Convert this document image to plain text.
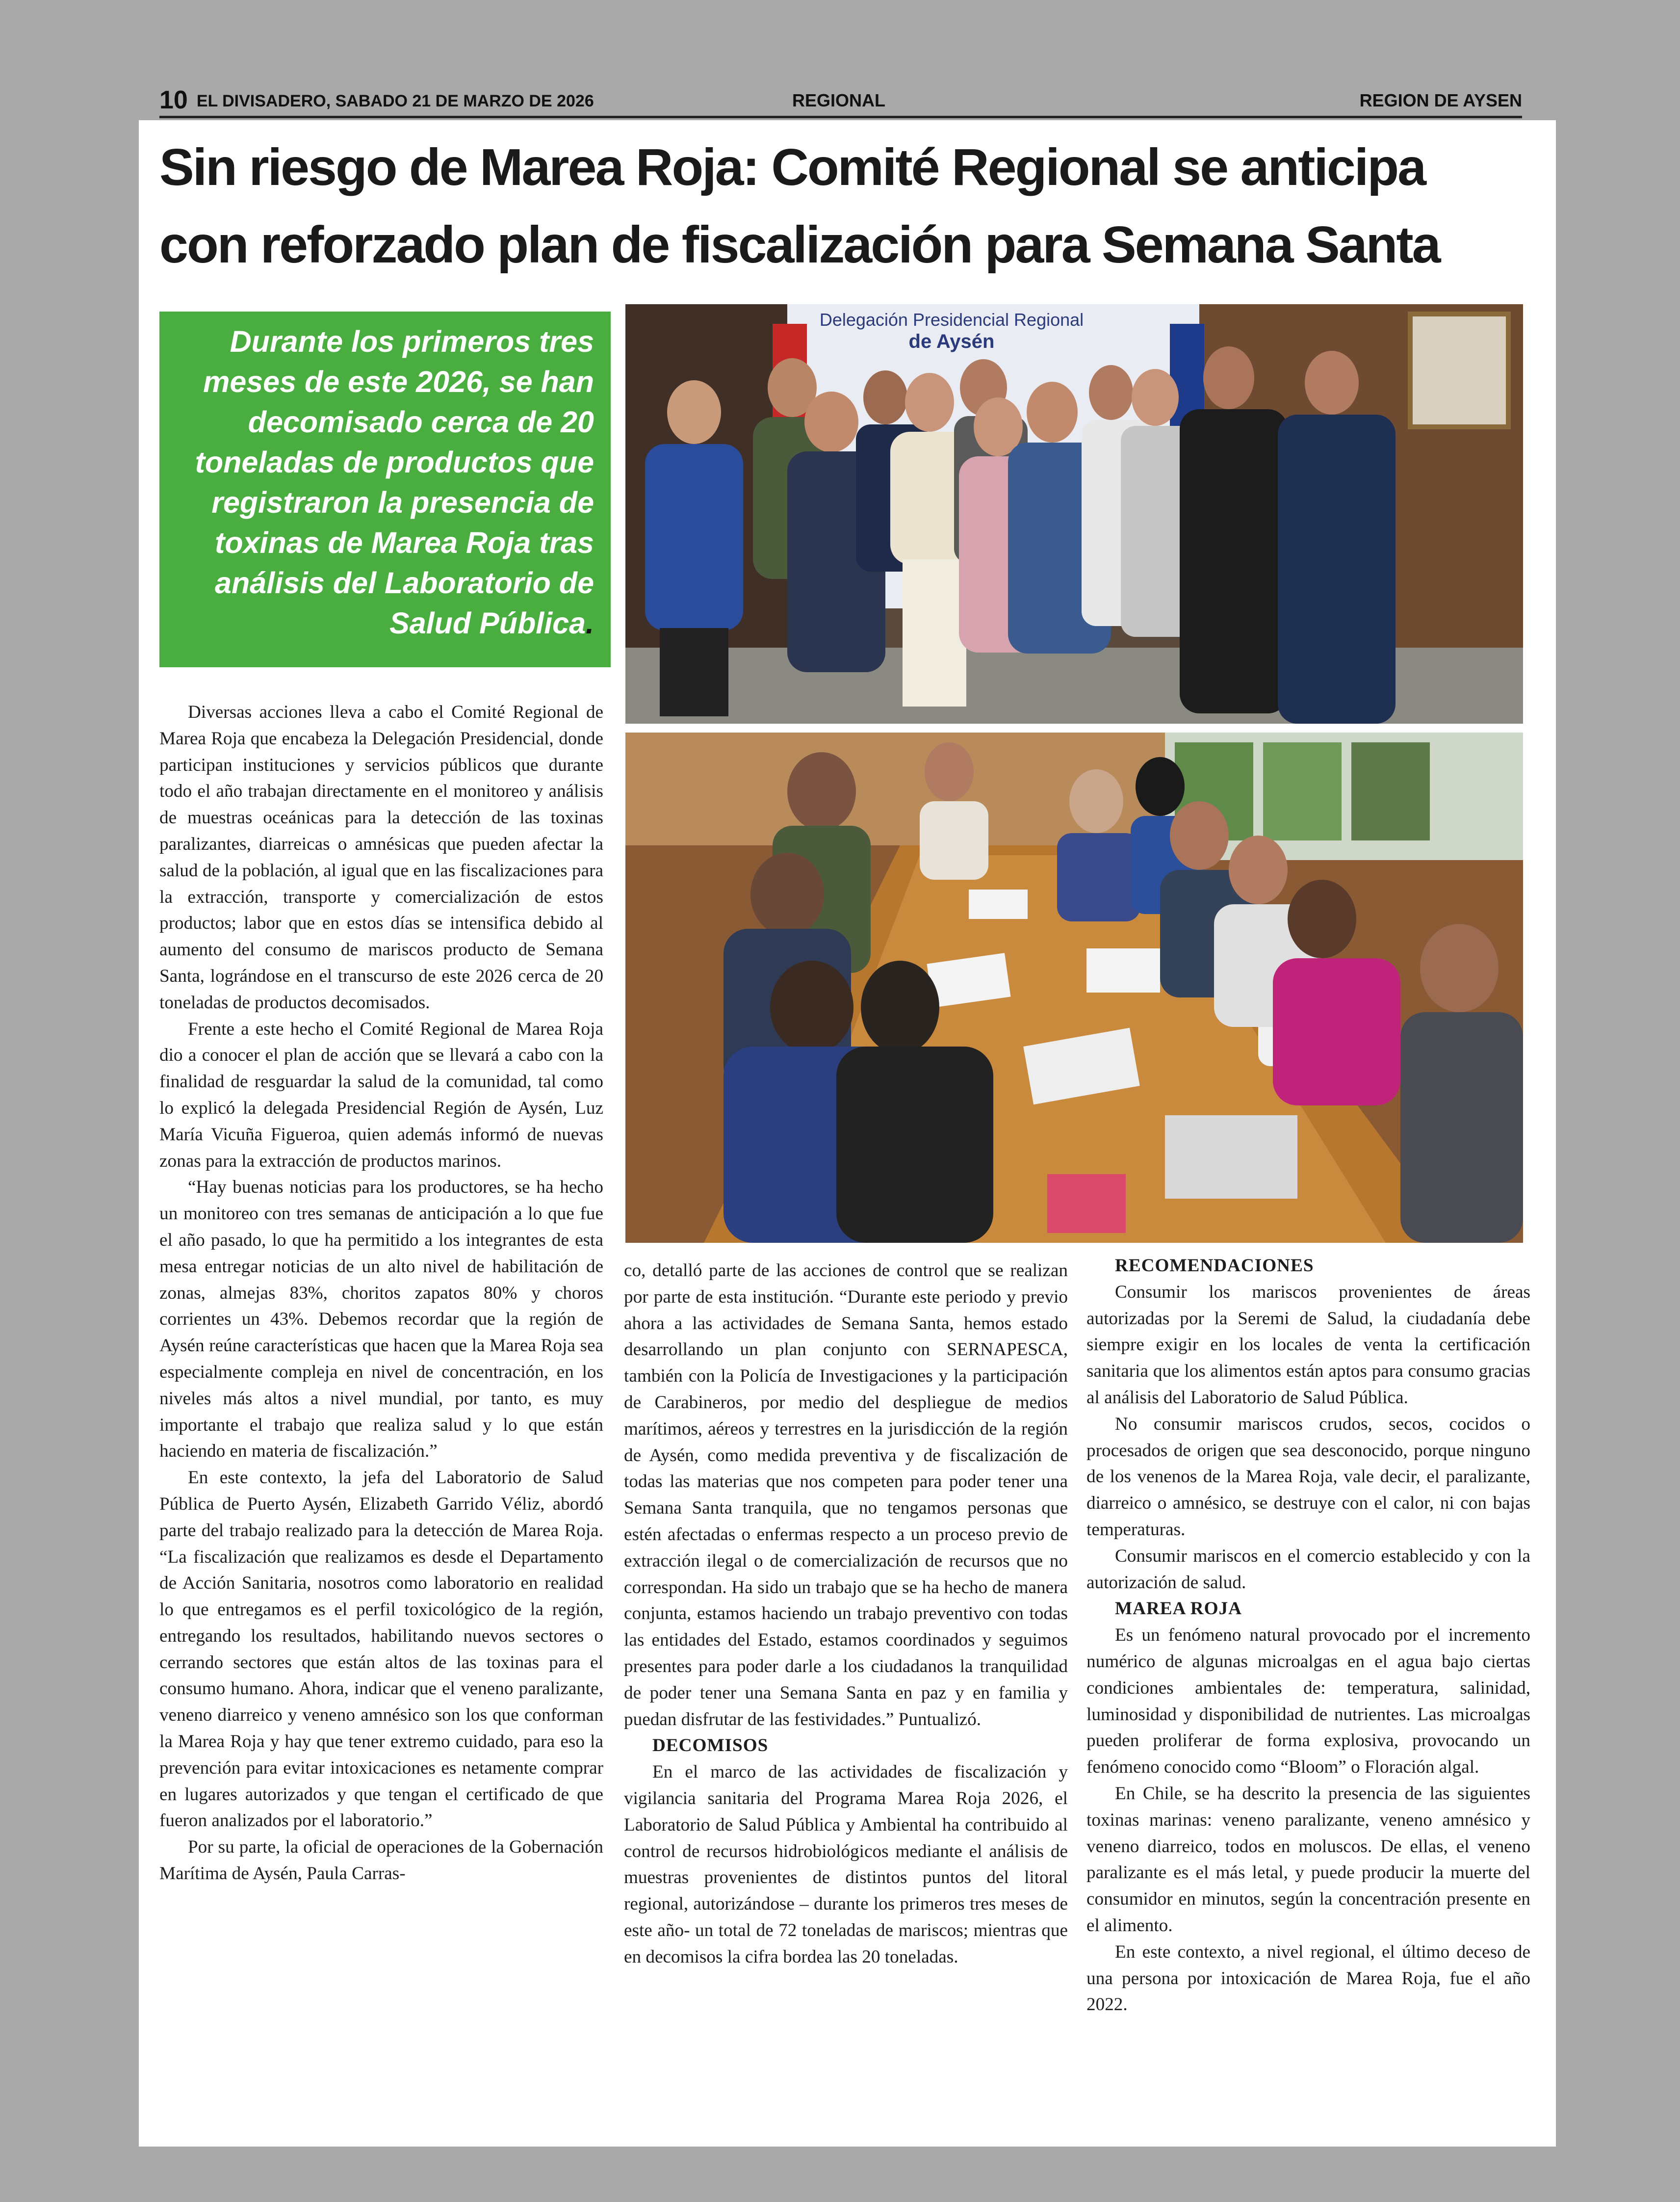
10 EL DIVISADERO, SABADO 21 DE MARZO DE 2026	REGIONAL	REGION DE AYSEN
Sin riesgo de Marea Roja: Comité Regional se anticipa
con reforzado plan de fiscalización para Semana Santa
Durante los primeros tres meses de este 2026, se han decomisado cerca de 20 toneladas de productos que registraron la presencia de toxinas de Marea Roja tras análisis del Laboratorio de Salud Pública.
Delegación Presidencial Regional
de Aysén

Diversas acciones lleva a cabo el Comité Regional de Marea Roja que encabeza la Delegación Presidencial, donde participan instituciones y servicios públicos que durante todo el año trabajan directamente en el monitoreo y análisis de muestras oceánicas para la detección de las toxinas paralizantes, diarreicas o amnésicas que pueden afectar la salud de la población, al igual que en las fiscalizaciones para la extracción, transporte y comercialización de estos productos; labor que en estos días se intensifica debido al aumento del consumo de mariscos producto de Semana Santa, lográndose en el transcurso de este 2026 cerca de 20 toneladas de productos decomisados.

Frente a este hecho el Comité Regional de Marea Roja dio a conocer el plan de acción que se llevará a cabo con la finalidad de resguardar la salud de la comunidad, tal como lo explicó la delegada Presidencial Región de Aysén, Luz María Vicuña Figueroa, quien además informó de nuevas zonas para la extracción de productos marinos.

“Hay buenas noticias para los productores, se ha hecho un monitoreo con tres semanas de anticipación a lo que fue el año pasado, lo que ha permitido a los integrantes de esta mesa entregar noticias de un alto nivel de habilitación de zonas, almejas 83%, choritos zapatos 80% y choros corrientes un 43%. Debemos recordar que la región de Aysén reúne características que hacen que la Marea Roja sea especialmente compleja en nivel de concentración, en los niveles más altos a nivel mundial, por tanto, es muy importante el trabajo que realiza salud y lo que están haciendo en materia de fiscalización.”

En este contexto, la jefa del Laboratorio de Salud Pública de Puerto Aysén, Elizabeth Garrido Véliz, abordó parte del trabajo realizado para la detección de Marea Roja. “La fiscalización que realizamos es desde el Departamento de Acción Sanitaria, nosotros como laboratorio en realidad lo que entregamos es el perfil toxicológico de la región, entregando los resultados, habilitando nuevos sectores o cerrando sectores que están altos de las toxinas para el consumo humano. Ahora, indicar que el veneno paralizante, veneno diarreico y veneno amnésico son los que conforman la Marea Roja y hay que tener extremo cuidado, para eso la prevención para evitar intoxicaciones es netamente comprar en lugares autorizados y que tengan el certificado de que fueron analizados por el laboratorio.”

Por su parte, la oficial de operaciones de la Gobernación Marítima de Aysén, Paula Carras-

co, detalló parte de las acciones de control que se realizan por parte de esta institución. “Durante este periodo y previo ahora a las actividades de Semana Santa, hemos estado desarrollando un plan conjunto con SERNAPESCA, también con la Policía de Investigaciones y la participación de Carabineros, por medio del despliegue de medios marítimos, aéreos y terrestres en la jurisdicción de la región de Aysén, como medida preventiva y de fiscalización de todas las materias que nos competen para poder tener una Semana Santa tranquila, que no tengamos personas que estén afectadas o enfermas respecto a un proceso previo de extracción ilegal o de comercialización de recursos que no correspondan. Ha sido un trabajo que se ha hecho de manera conjunta, estamos haciendo un trabajo preventivo con todas las entidades del Estado, estamos coordinados y seguimos presentes para poder darle a los ciudadanos la tranquilidad de poder tener una Semana Santa en paz y en familia y puedan disfrutar de las festividades.” Puntualizó.

DECOMISOS

En el marco de las actividades de fiscalización y vigilancia sanitaria del Programa Marea Roja 2026, el Laboratorio de Salud Pública y Ambiental ha contribuido al control de recursos hidrobiológicos mediante el análisis de muestras provenientes de distintos puntos del litoral regional, autorizándose – durante los primeros tres meses de este año- un total de 72 toneladas de mariscos; mientras que en decomisos la cifra bordea las 20 toneladas.

RECOMENDACIONES

Consumir los mariscos provenientes de áreas autorizadas por la Seremi de Salud, la ciudadanía debe siempre exigir en los locales de venta la certificación sanitaria que los alimentos están aptos para consumo gracias al análisis del Laboratorio de Salud Pública.

No consumir mariscos crudos, secos, cocidos o procesados de origen que sea desconocido, porque ninguno de los venenos de la Marea Roja, vale decir, el paralizante, diarreico o amnésico, se destruye con el calor, ni con bajas temperaturas.

Consumir mariscos en el comercio establecido y con la autorización de salud.

MAREA ROJA

Es un fenómeno natural provocado por el incremento numérico de algunas microalgas en el agua bajo ciertas condiciones ambientales de: temperatura, salinidad, luminosidad y disponibilidad de nutrientes. Las microalgas pueden proliferar de forma explosiva, provocando un fenómeno conocido como “Bloom” o Floración algal.

En Chile, se ha descrito la presencia de las siguientes toxinas marinas: veneno paralizante, veneno amnésico y veneno diarreico, todos en moluscos. De ellas, el veneno paralizante es el más letal, y puede producir la muerte del consumidor en minutos, según la concentración presente en el alimento.

En este contexto, a nivel regional, el último deceso de una persona por intoxicación de Marea Roja, fue el año 2022.
